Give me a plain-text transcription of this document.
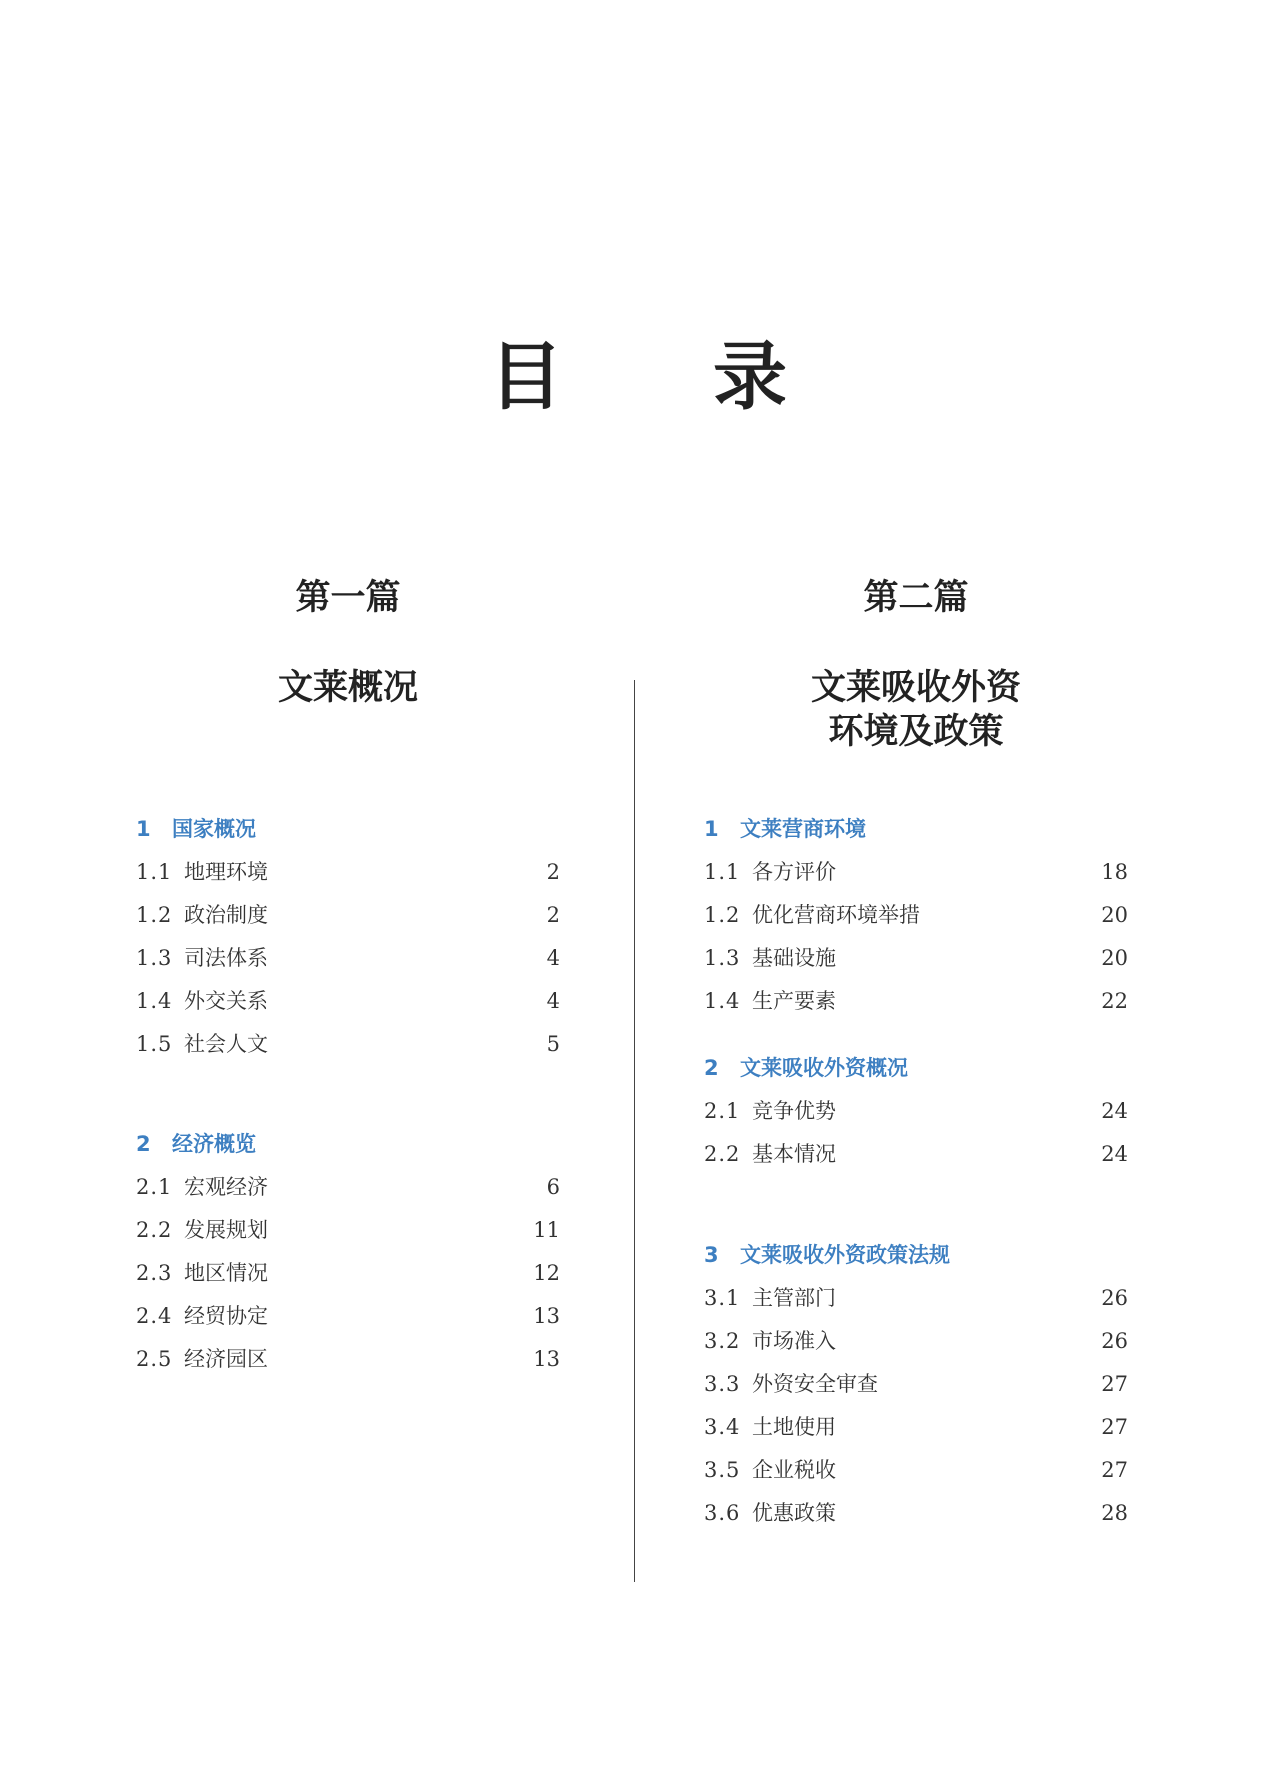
目 录
第一篇
文莱概况
第二篇
文莱吸收外资
环境及政策
1 国家概况
1.1 地理环境	2
1.2 政治制度	2
1.3 司法体系	4
1.4 外交关系	4
1.5 社会人文	5
2 经济概览
2.1 宏观经济	6
2.2 发展规划	11
2.3 地区情况	12
2.4 经贸协定	13
2.5 经济园区	13
1 文莱营商环境
1.1 各方评价	18
1.2 优化营商环境举措	20
1.3 基础设施	20
1.4 生产要素	22
2 文莱吸收外资概况
2.1 竞争优势	24
2.2 基本情况	24
3 文莱吸收外资政策法规
3.1 主管部门	26
3.2 市场准入	26
3.3 外资安全审查	27
3.4 土地使用	27
3.5 企业税收	27
3.6 优惠政策	28
